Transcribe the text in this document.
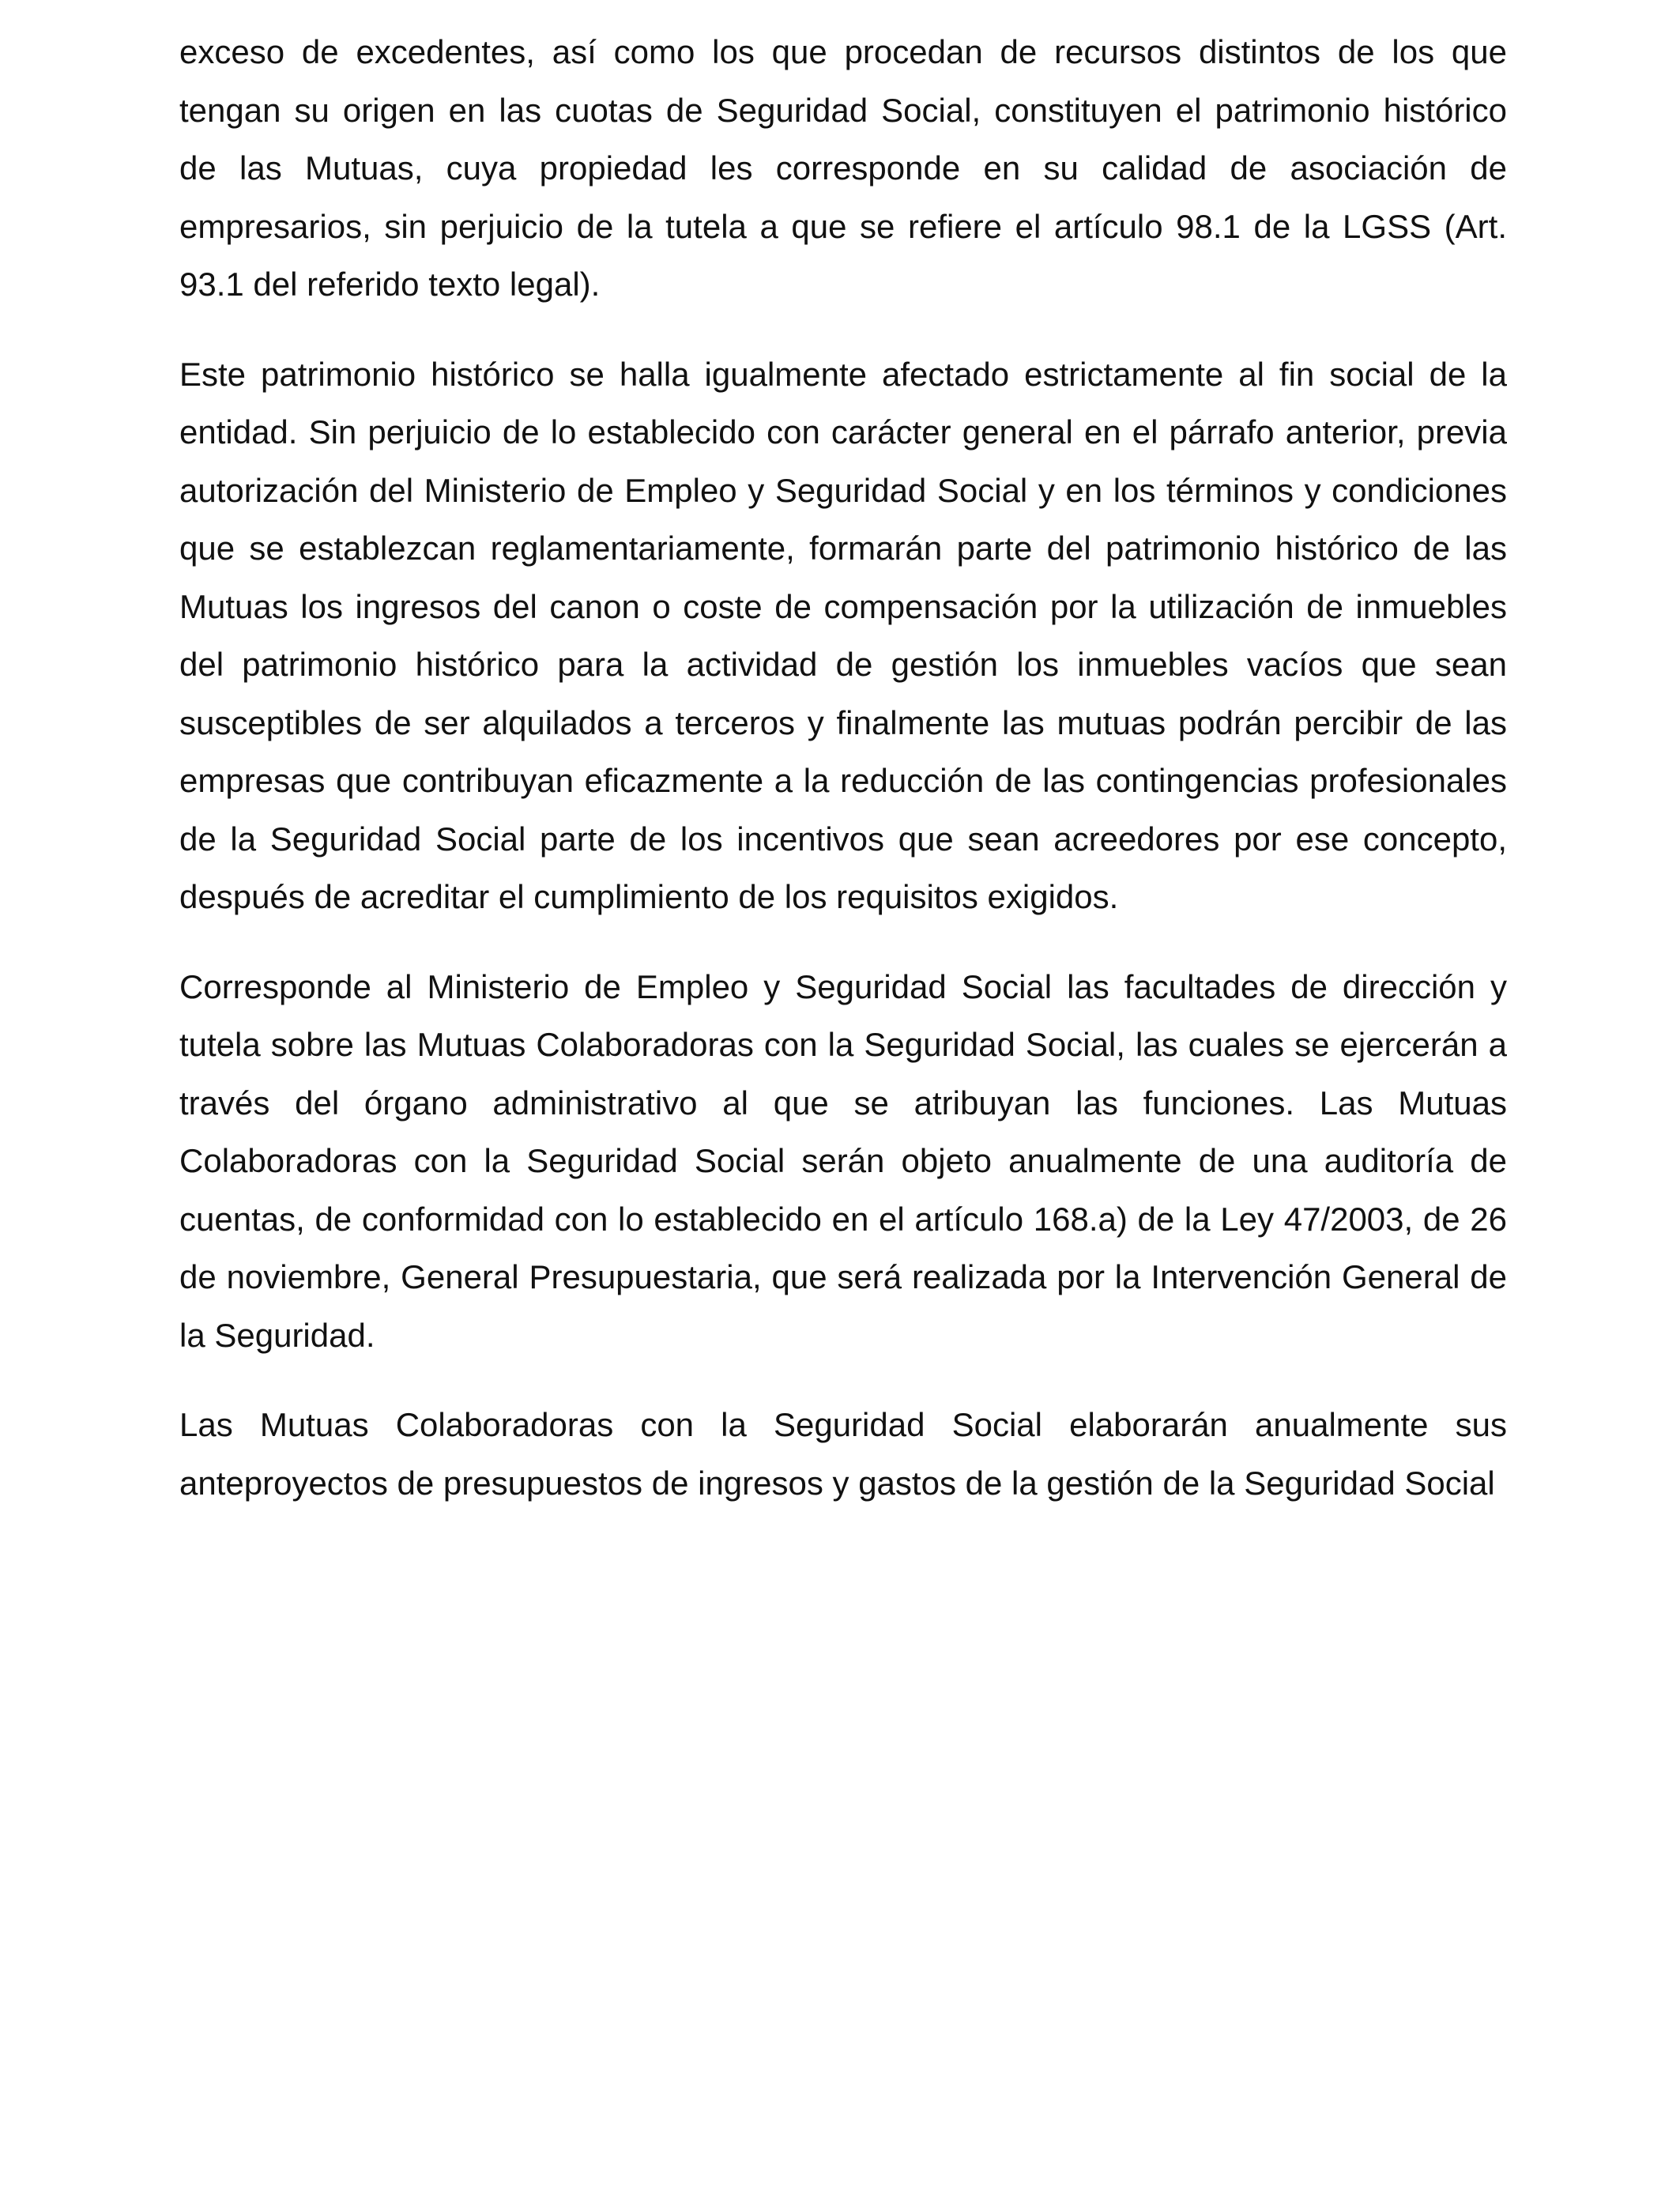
exceso de excedentes, así como los que procedan de recursos distintos de los que
tengan su origen en las cuotas de Seguridad Social, constituyen el patrimonio histórico
de las Mutuas, cuya propiedad les corresponde en su calidad de asociación de
empresarios, sin perjuicio de la tutela a que se refiere el artículo 98.1 de la LGSS (Art.
93.1 del referido texto legal).

Este patrimonio histórico se halla igualmente afectado estrictamente al fin social de la
entidad. Sin perjuicio de lo establecido con carácter general en el párrafo anterior, previa
autorización del Ministerio de Empleo y Seguridad Social y en los términos y condiciones
que se establezcan reglamentariamente, formarán parte del patrimonio histórico de las
Mutuas los ingresos del canon o coste de compensación por la utilización de inmuebles
del patrimonio histórico para la actividad de gestión los inmuebles vacíos que sean
susceptibles de ser alquilados a terceros y finalmente las mutuas podrán percibir de las
empresas que contribuyan eficazmente a la reducción de las contingencias profesionales
de la Seguridad Social parte de los incentivos que sean acreedores por ese concepto,
después de acreditar el cumplimiento de los requisitos exigidos.

Corresponde al Ministerio de Empleo y Seguridad Social las facultades de dirección y
tutela sobre las Mutuas Colaboradoras con la Seguridad Social, las cuales se ejercerán a
través del órgano administrativo al que se atribuyan las funciones. Las Mutuas
Colaboradoras con la Seguridad Social serán objeto anualmente de una auditoría de
cuentas, de conformidad con lo establecido en el artículo 168.a) de la Ley 47/2003, de 26
de noviembre, General Presupuestaria, que será realizada por la Intervención General de
la Seguridad.

Las Mutuas Colaboradoras con la Seguridad Social elaborarán anualmente sus
anteproyectos de presupuestos de ingresos y gastos de la gestión de la Seguridad Social
